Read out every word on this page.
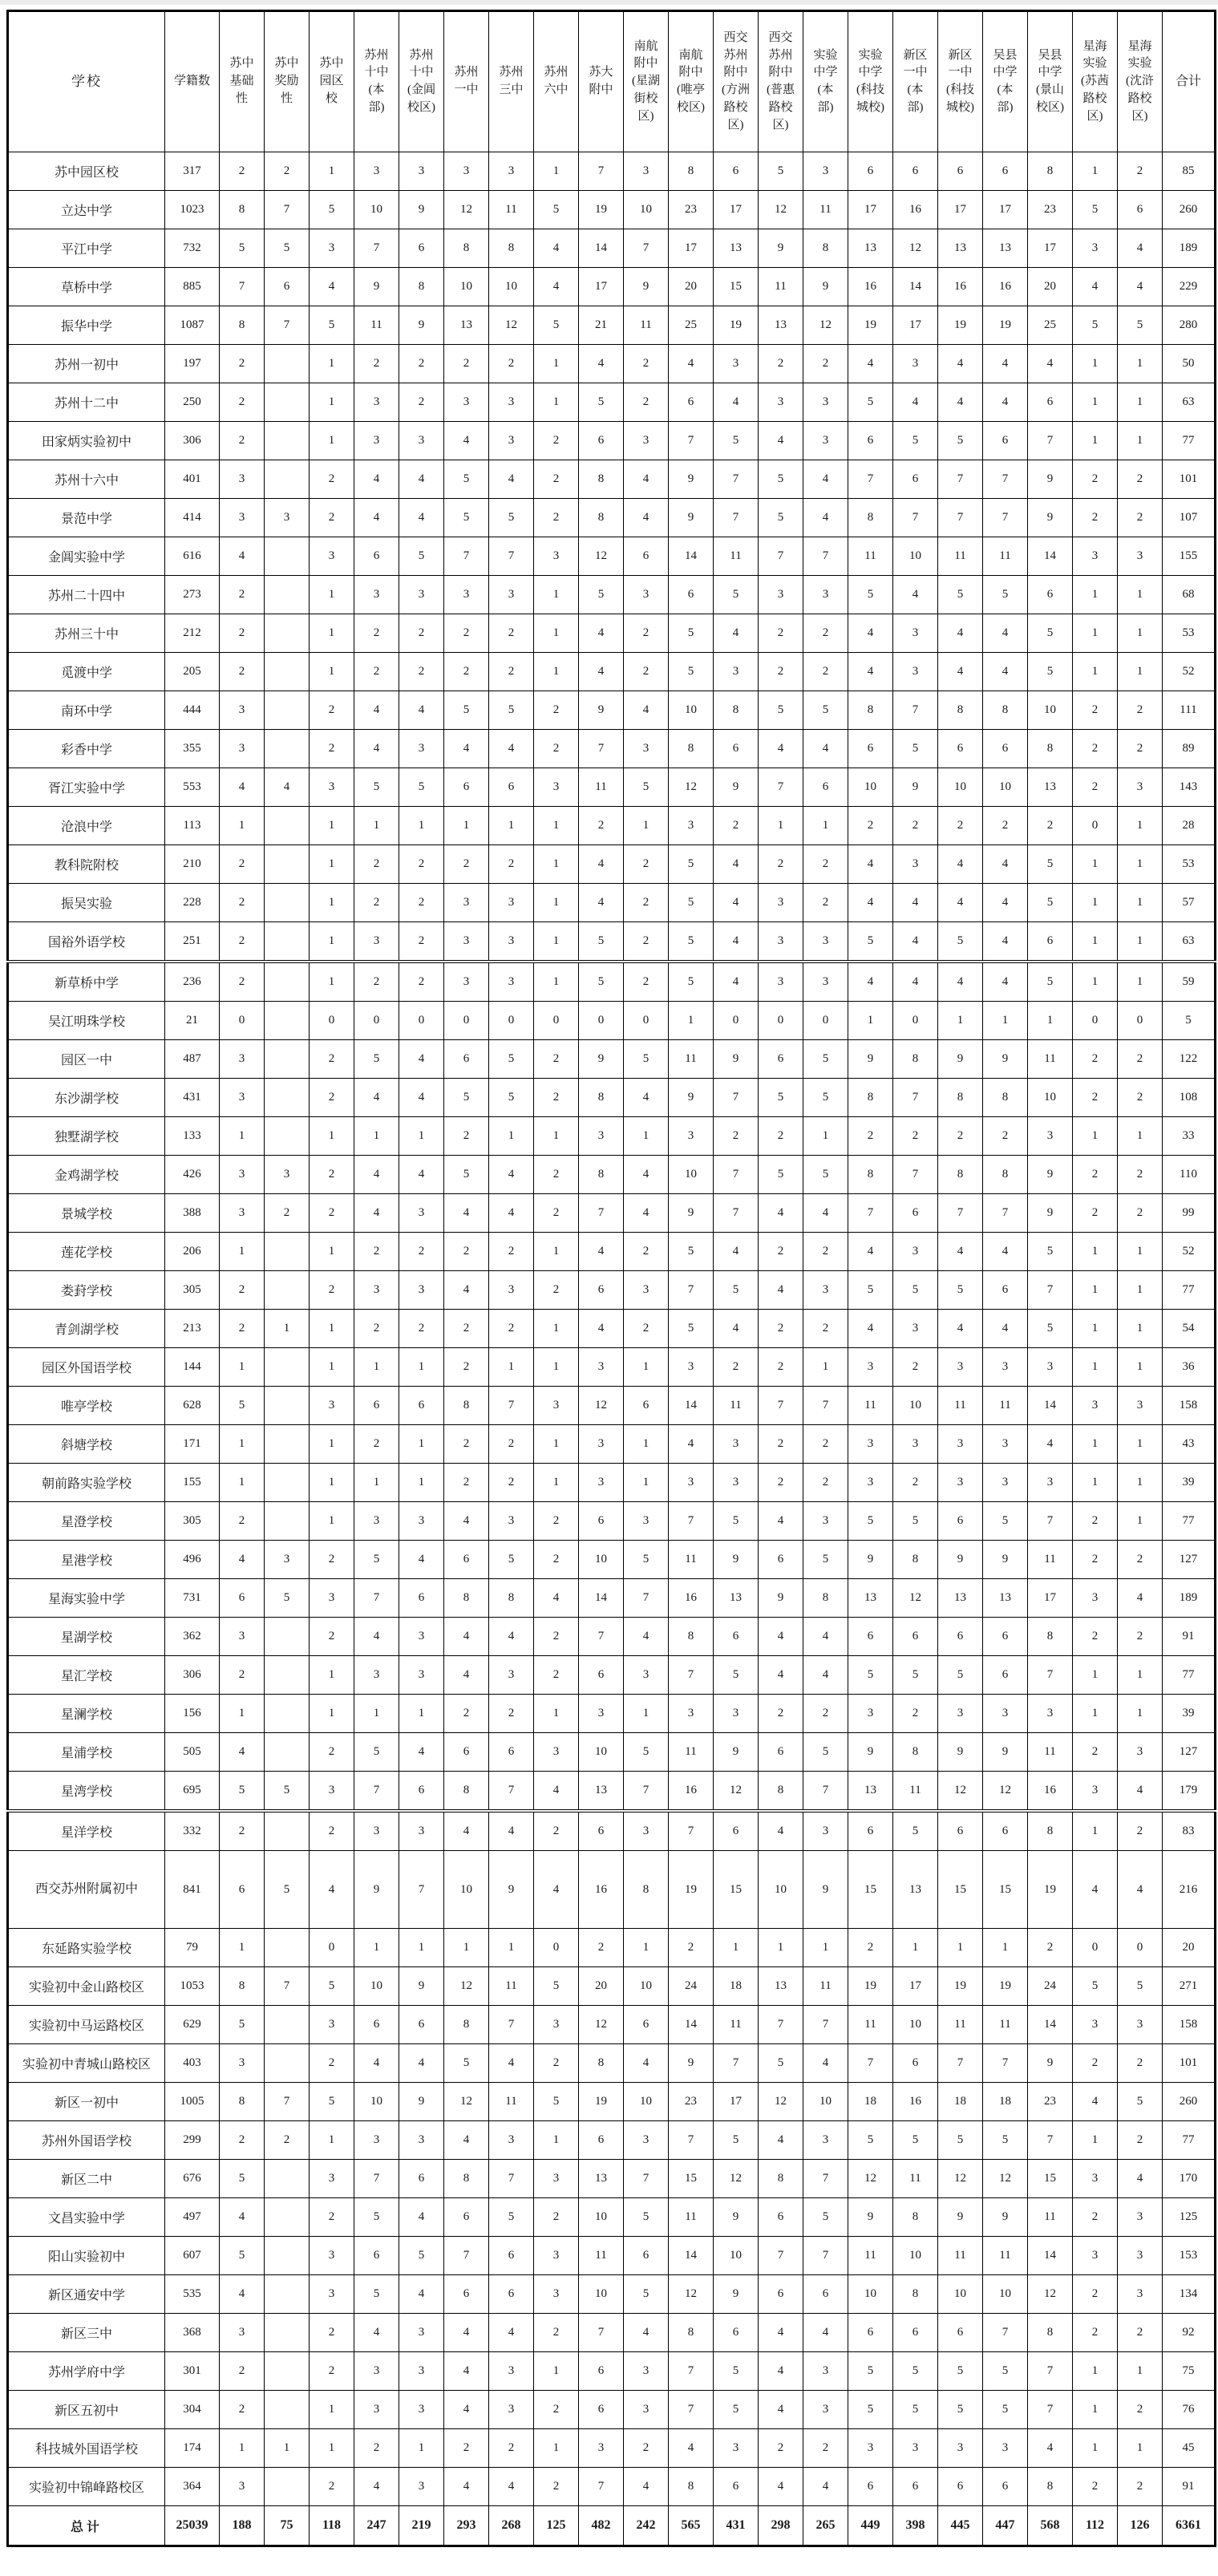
学校	学籍数	苏中基础性	苏中奖励性	苏中园区校	苏州十中(本部)	苏州十中(金阊校区)	苏州一中	苏州三中	苏州六中	苏大附中	南航附中(星湖街校区)	南航附中(唯亭校区)	西交苏州附中(方洲路校区)	西交苏州附中(普惠路校区)	实验中学(本部)	实验中学(科技城校)	新区一中(本部)	新区一中(科技城校)	吴县中学(本部)	吴县中学(景山校区)	星海实验(苏茜路校区)	星海实验(沈浒路校区)	合计
苏中园区校	317	2	2	1	3	3	3	3	1	7	3	8	6	5	3	6	6	6	6	8	1	2	85
立达中学	1023	8	7	5	10	9	12	11	5	19	10	23	17	12	11	17	16	17	17	23	5	6	260
平江中学	732	5	5	3	7	6	8	8	4	14	7	17	13	9	8	13	12	13	13	17	3	4	189
草桥中学	885	7	6	4	9	8	10	10	4	17	9	20	15	11	9	16	14	16	16	20	4	4	229
振华中学	1087	8	7	5	11	9	13	12	5	21	11	25	19	13	12	19	17	19	19	25	5	5	280
苏州一初中	197	2		1	2	2	2	2	1	4	2	4	3	2	2	4	3	4	4	4	1	1	50
苏州十二中	250	2		1	3	2	3	3	1	5	2	6	4	3	3	5	4	4	4	6	1	1	63
田家炳实验初中	306	2		1	3	3	4	3	2	6	3	7	5	4	3	6	5	5	6	7	1	1	77
苏州十六中	401	3		2	4	4	5	4	2	8	4	9	7	5	4	7	6	7	7	9	2	2	101
景范中学	414	3	3	2	4	4	5	5	2	8	4	9	7	5	4	8	7	7	7	9	2	2	107
金阊实验中学	616	4		3	6	5	7	7	3	12	6	14	11	7	7	11	10	11	11	14	3	3	155
苏州二十四中	273	2		1	3	3	3	3	1	5	3	6	5	3	3	5	4	5	5	6	1	1	68
苏州三十中	212	2		1	2	2	2	2	1	4	2	5	4	2	2	4	3	4	4	5	1	1	53
觅渡中学	205	2		1	2	2	2	2	1	4	2	5	3	2	2	4	3	4	4	5	1	1	52
南环中学	444	3		2	4	4	5	5	2	9	4	10	8	5	5	8	7	8	8	10	2	2	111
彩香中学	355	3		2	4	3	4	4	2	7	3	8	6	4	4	6	5	6	6	8	2	2	89
胥江实验中学	553	4	4	3	5	5	6	6	3	11	5	12	9	7	6	10	9	10	10	13	2	3	143
沧浪中学	113	1		1	1	1	1	1	1	2	1	3	2	1	1	2	2	2	2	2	0	1	28
教科院附校	210	2		1	2	2	2	2	1	4	2	5	4	2	2	4	3	4	4	5	1	1	53
振吴实验	228	2		1	2	2	3	3	1	4	2	5	4	3	2	4	4	4	4	5	1	1	57
国裕外语学校	251	2		1	3	2	3	3	1	5	2	5	4	3	3	5	4	5	4	6	1	1	63
新草桥中学	236	2		1	2	2	3	3	1	5	2	5	4	3	3	4	4	4	4	5	1	1	59
吴江明珠学校	21	0		0	0	0	0	0	0	0	0	1	0	0	0	1	0	1	1	1	0	0	5
园区一中	487	3		2	5	4	6	5	2	9	5	11	9	6	5	9	8	9	9	11	2	2	122
东沙湖学校	431	3		2	4	4	5	5	2	8	4	9	7	5	5	8	7	8	8	10	2	2	108
独墅湖学校	133	1		1	1	1	2	1	1	3	1	3	2	2	1	2	2	2	2	3	1	1	33
金鸡湖学校	426	3	3	2	4	4	5	4	2	8	4	10	7	5	5	8	7	8	8	9	2	2	110
景城学校	388	3	2	2	4	3	4	4	2	7	4	9	7	4	4	7	6	7	7	9	2	2	99
莲花学校	206	1		1	2	2	2	2	1	4	2	5	4	2	2	4	3	4	4	5	1	1	52
娄葑学校	305	2		2	3	3	4	3	2	6	3	7	5	4	3	5	5	5	6	7	1	1	77
青剑湖学校	213	2	1	1	2	2	2	2	1	4	2	5	4	2	2	4	3	4	4	5	1	1	54
园区外国语学校	144	1		1	1	1	2	1	1	3	1	3	2	2	1	3	2	3	3	3	1	1	36
唯亭学校	628	5		3	6	6	8	7	3	12	6	14	11	7	7	11	10	11	11	14	3	3	158
斜塘学校	171	1		1	2	1	2	2	1	3	1	4	3	2	2	3	3	3	3	4	1	1	43
朝前路实验学校	155	1		1	1	1	2	2	1	3	1	3	3	2	2	3	2	3	3	3	1	1	39
星澄学校	305	2		1	3	3	4	3	2	6	3	7	5	4	3	5	5	6	5	7	2	1	77
星港学校	496	4	3	2	5	4	6	5	2	10	5	11	9	6	5	9	8	9	9	11	2	2	127
星海实验中学	731	6	5	3	7	6	8	8	4	14	7	16	13	9	8	13	12	13	13	17	3	4	189
星湖学校	362	3		2	4	3	4	4	2	7	4	8	6	4	4	6	6	6	6	8	2	2	91
星汇学校	306	2		1	3	3	4	3	2	6	3	7	5	4	4	5	5	5	6	7	1	1	77
星澜学校	156	1		1	1	1	2	2	1	3	1	3	3	2	2	3	2	3	3	3	1	1	39
星浦学校	505	4		2	5	4	6	6	3	10	5	11	9	6	5	9	8	9	9	11	2	3	127
星湾学校	695	5	5	3	7	6	8	7	4	13	7	16	12	8	7	13	11	12	12	16	3	4	179
星洋学校	332	2		2	3	3	4	4	2	6	3	7	6	4	3	6	5	6	6	8	1	2	83
西交苏州附属初中	841	6	5	4	9	7	10	9	4	16	8	19	15	10	9	15	13	15	15	19	4	4	216
东延路实验学校	79	1		0	1	1	1	1	0	2	1	2	1	1	1	2	1	1	1	2	0	0	20
实验初中金山路校区	1053	8	7	5	10	9	12	11	5	20	10	24	18	13	11	19	17	19	19	24	5	5	271
实验初中马运路校区	629	5		3	6	6	8	7	3	12	6	14	11	7	7	11	10	11	11	14	3	3	158
实验初中青城山路校区	403	3		2	4	4	5	4	2	8	4	9	7	5	4	7	6	7	7	9	2	2	101
新区一初中	1005	8	7	5	10	9	12	11	5	19	10	23	17	12	10	18	16	18	18	23	4	5	260
苏州外国语学校	299	2	2	1	3	3	4	3	1	6	3	7	5	4	3	5	5	5	5	7	1	2	77
新区二中	676	5		3	7	6	8	7	3	13	7	15	12	8	7	12	11	12	12	15	3	4	170
文昌实验中学	497	4		2	5	4	6	5	2	10	5	11	9	6	5	9	8	9	9	11	2	3	125
阳山实验初中	607	5		3	6	5	7	6	3	11	6	14	10	7	7	11	10	11	11	14	3	3	153
新区通安中学	535	4		3	5	4	6	6	3	10	5	12	9	6	6	10	8	10	10	12	2	3	134
新区三中	368	3		2	4	3	4	4	2	7	4	8	6	4	4	6	6	6	7	8	2	2	92
苏州学府中学	301	2		2	3	3	4	3	1	6	3	7	5	4	3	5	5	5	5	7	1	1	75
新区五初中	304	2		1	3	3	4	3	2	6	3	7	5	4	3	5	5	5	5	7	1	2	76
科技城外国语学校	174	1	1	1	2	1	2	2	1	3	2	4	3	2	2	3	3	3	3	4	1	1	45
实验初中锦峰路校区	364	3		2	4	3	4	4	2	7	4	8	6	4	4	6	6	6	6	8	2	2	91
总计	25039	188	75	118	247	219	293	268	125	482	242	565	431	298	265	449	398	445	447	568	112	126	6361
